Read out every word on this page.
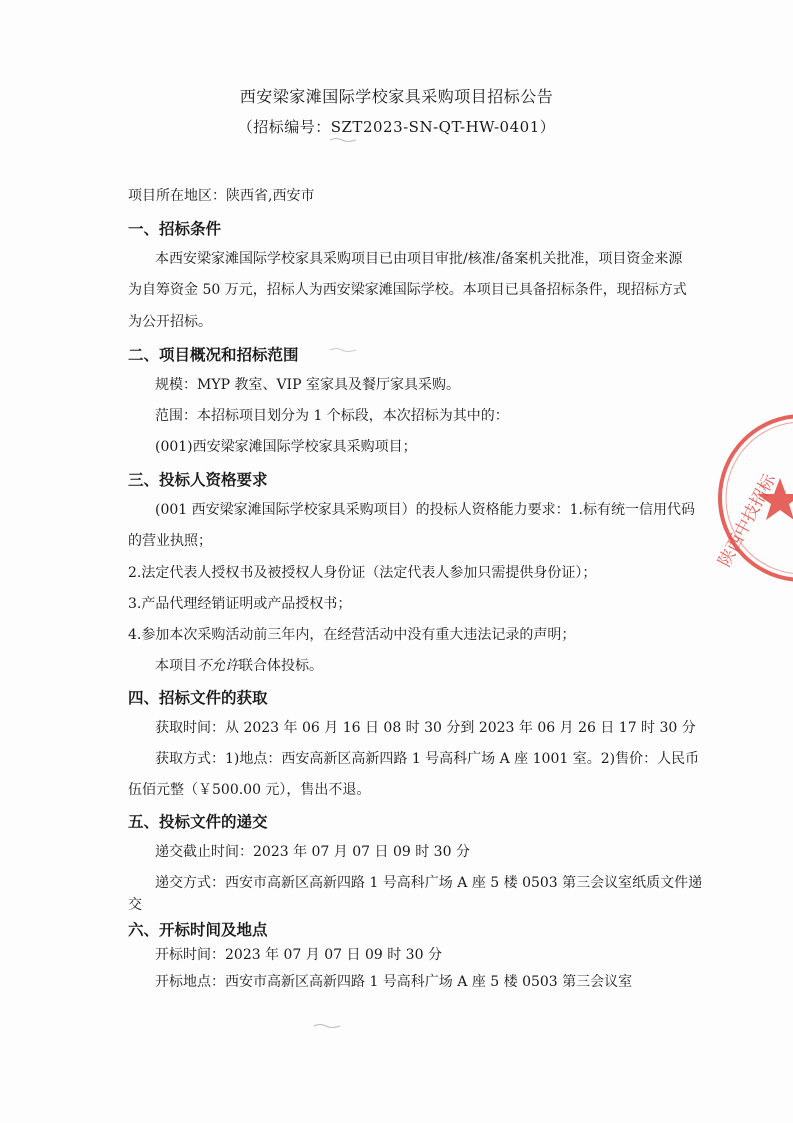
西安梁家滩国际学校家具采购项目招标公告
（招标编号：SZT2023-SN-QT-HW-0401）
项目所在地区：陕西省,西安市
一、招标条件
本西安梁家滩国际学校家具采购项目已由项目审批/核准/备案机关批准，项目资金来源
为自筹资金 50 万元，招标人为西安梁家滩国际学校。本项目已具备招标条件，现招标方式
为公开招标。
二、项目概况和招标范围
规模：MYP 教室、VIP 室家具及餐厅家具采购。
范围：本招标项目划分为 1 个标段，本次招标为其中的：
(001)西安梁家滩国际学校家具采购项目；
三、投标人资格要求
(001 西安梁家滩国际学校家具采购项目）的投标人资格能力要求：1.标有统一信用代码
的营业执照；
2.法定代表人授权书及被授权人身份证（法定代表人参加只需提供身份证）；
3.产品代理经销证明或产品授权书；
4.参加本次采购活动前三年内，在经营活动中没有重大违法记录的声明；
本项目不允许联合体投标。
四、招标文件的获取
获取时间：从 2023 年 06 月 16 日 08 时 30 分到 2023 年 06 月 26 日 17 时 30 分
获取方式：1)地点：西安高新区高新四路 1 号高科广场 A 座 1001 室。2)售价：人民币
伍佰元整（￥500.00 元），售出不退。
五、投标文件的递交
递交截止时间：2023 年 07 月 07 日 09 时 30 分
递交方式：西安市高新区高新四路 1 号高科广场 A 座 5 楼 0503 第三会议室纸质文件递
交
六、开标时间及地点
开标时间：2023 年 07 月 07 日 09 时 30 分
开标地点：西安市高新区高新四路 1 号高科广场 A 座 5 楼 0503 第三会议室
陕西中技招标
